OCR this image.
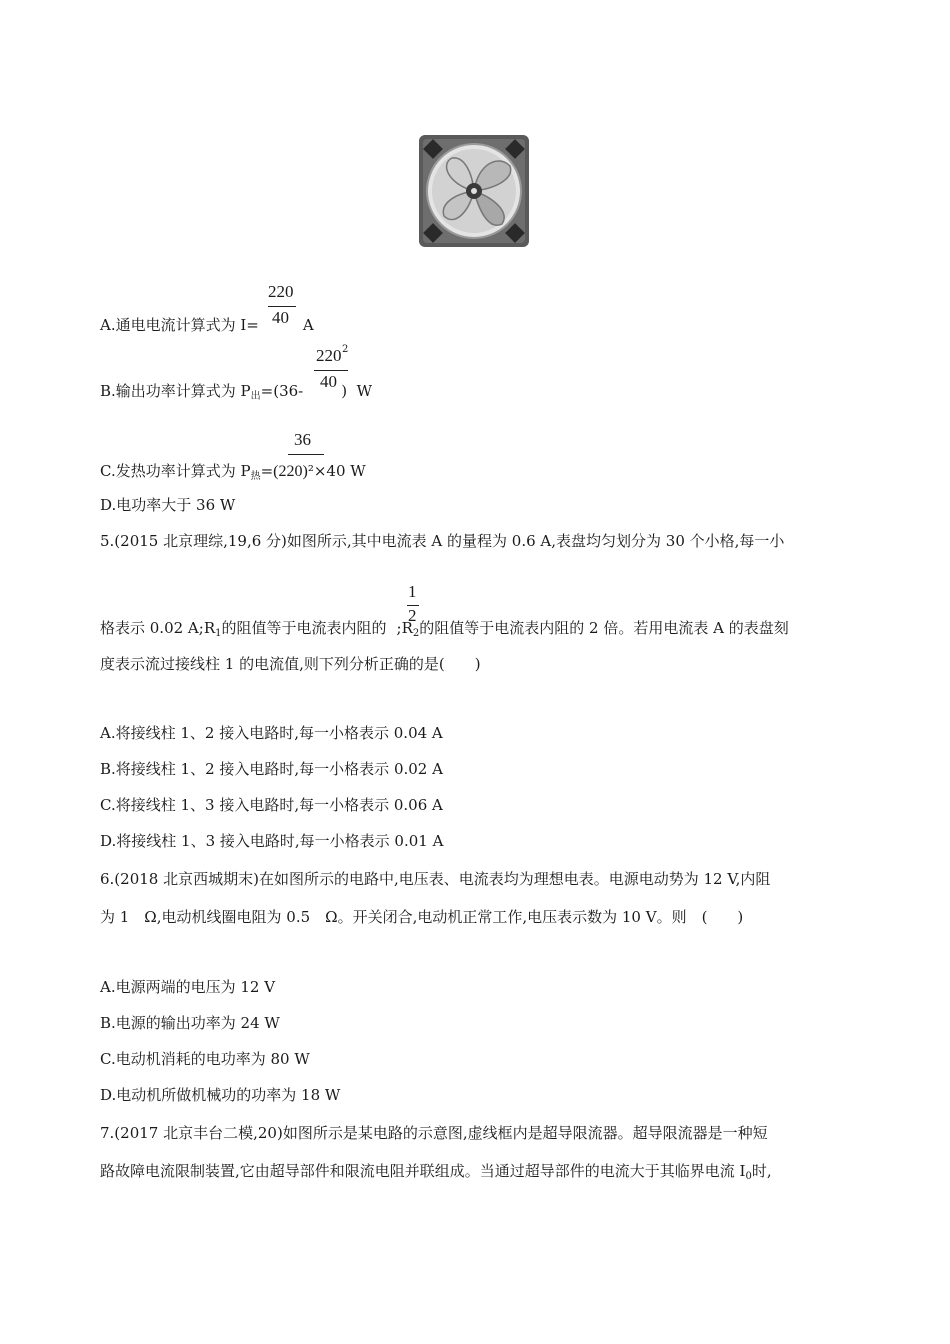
220
40
A.通电电流计算式为 I=	A
220 2
40
B.输出功率计算式为 $P_出=(36-$	) W
36
C.发热功率计算式为 $P_热=(220)^2\times 40$ W
D.电功率大于 36 W
5.(2015 北京理综,19,6 分)如图所示,其中电流表 A 的量程为 0.6 A,表盘均匀划分为 30 个小格,每一小
1
2
格表示 0.02 $A;R_1$的阻值等于电流表内阻的 $;R_2$的阻值等于电流表内阻的 2 倍。若用电流表 A 的表盘刻
度表示流过接线柱 1 的电流值,则下列分析正确的是(　　)
A.将接线柱 1、2 接入电路时,每一小格表示 0.04 A
B.将接线柱 1、2 接入电路时,每一小格表示 0.02 A
C.将接线柱 1、3 接入电路时,每一小格表示 0.06 A
D.将接线柱 1、3 接入电路时,每一小格表示 0.01 A
6.(2018 北京西城期末)在如图所示的电路中,电压表、电流表均为理想电表。电源电动势为 12 V,内阻
为 1　Ω,电动机线圈电阻为 0.5　Ω。开关闭合,电动机正常工作,电压表示数为 10 V。则　(　　)
A.电源两端的电压为 12 V
B.电源的输出功率为 24 W
C.电动机消耗的电功率为 80 W
D.电动机所做机械功的功率为 18 W
7.(2017 北京丰台二模,20)如图所示是某电路的示意图,虚线框内是超导限流器。超导限流器是一种短
路故障电流限制装置,它由超导部件和限流电阻并联组成。当通过超导部件的电流大于其临界电流 $I_0$时,
